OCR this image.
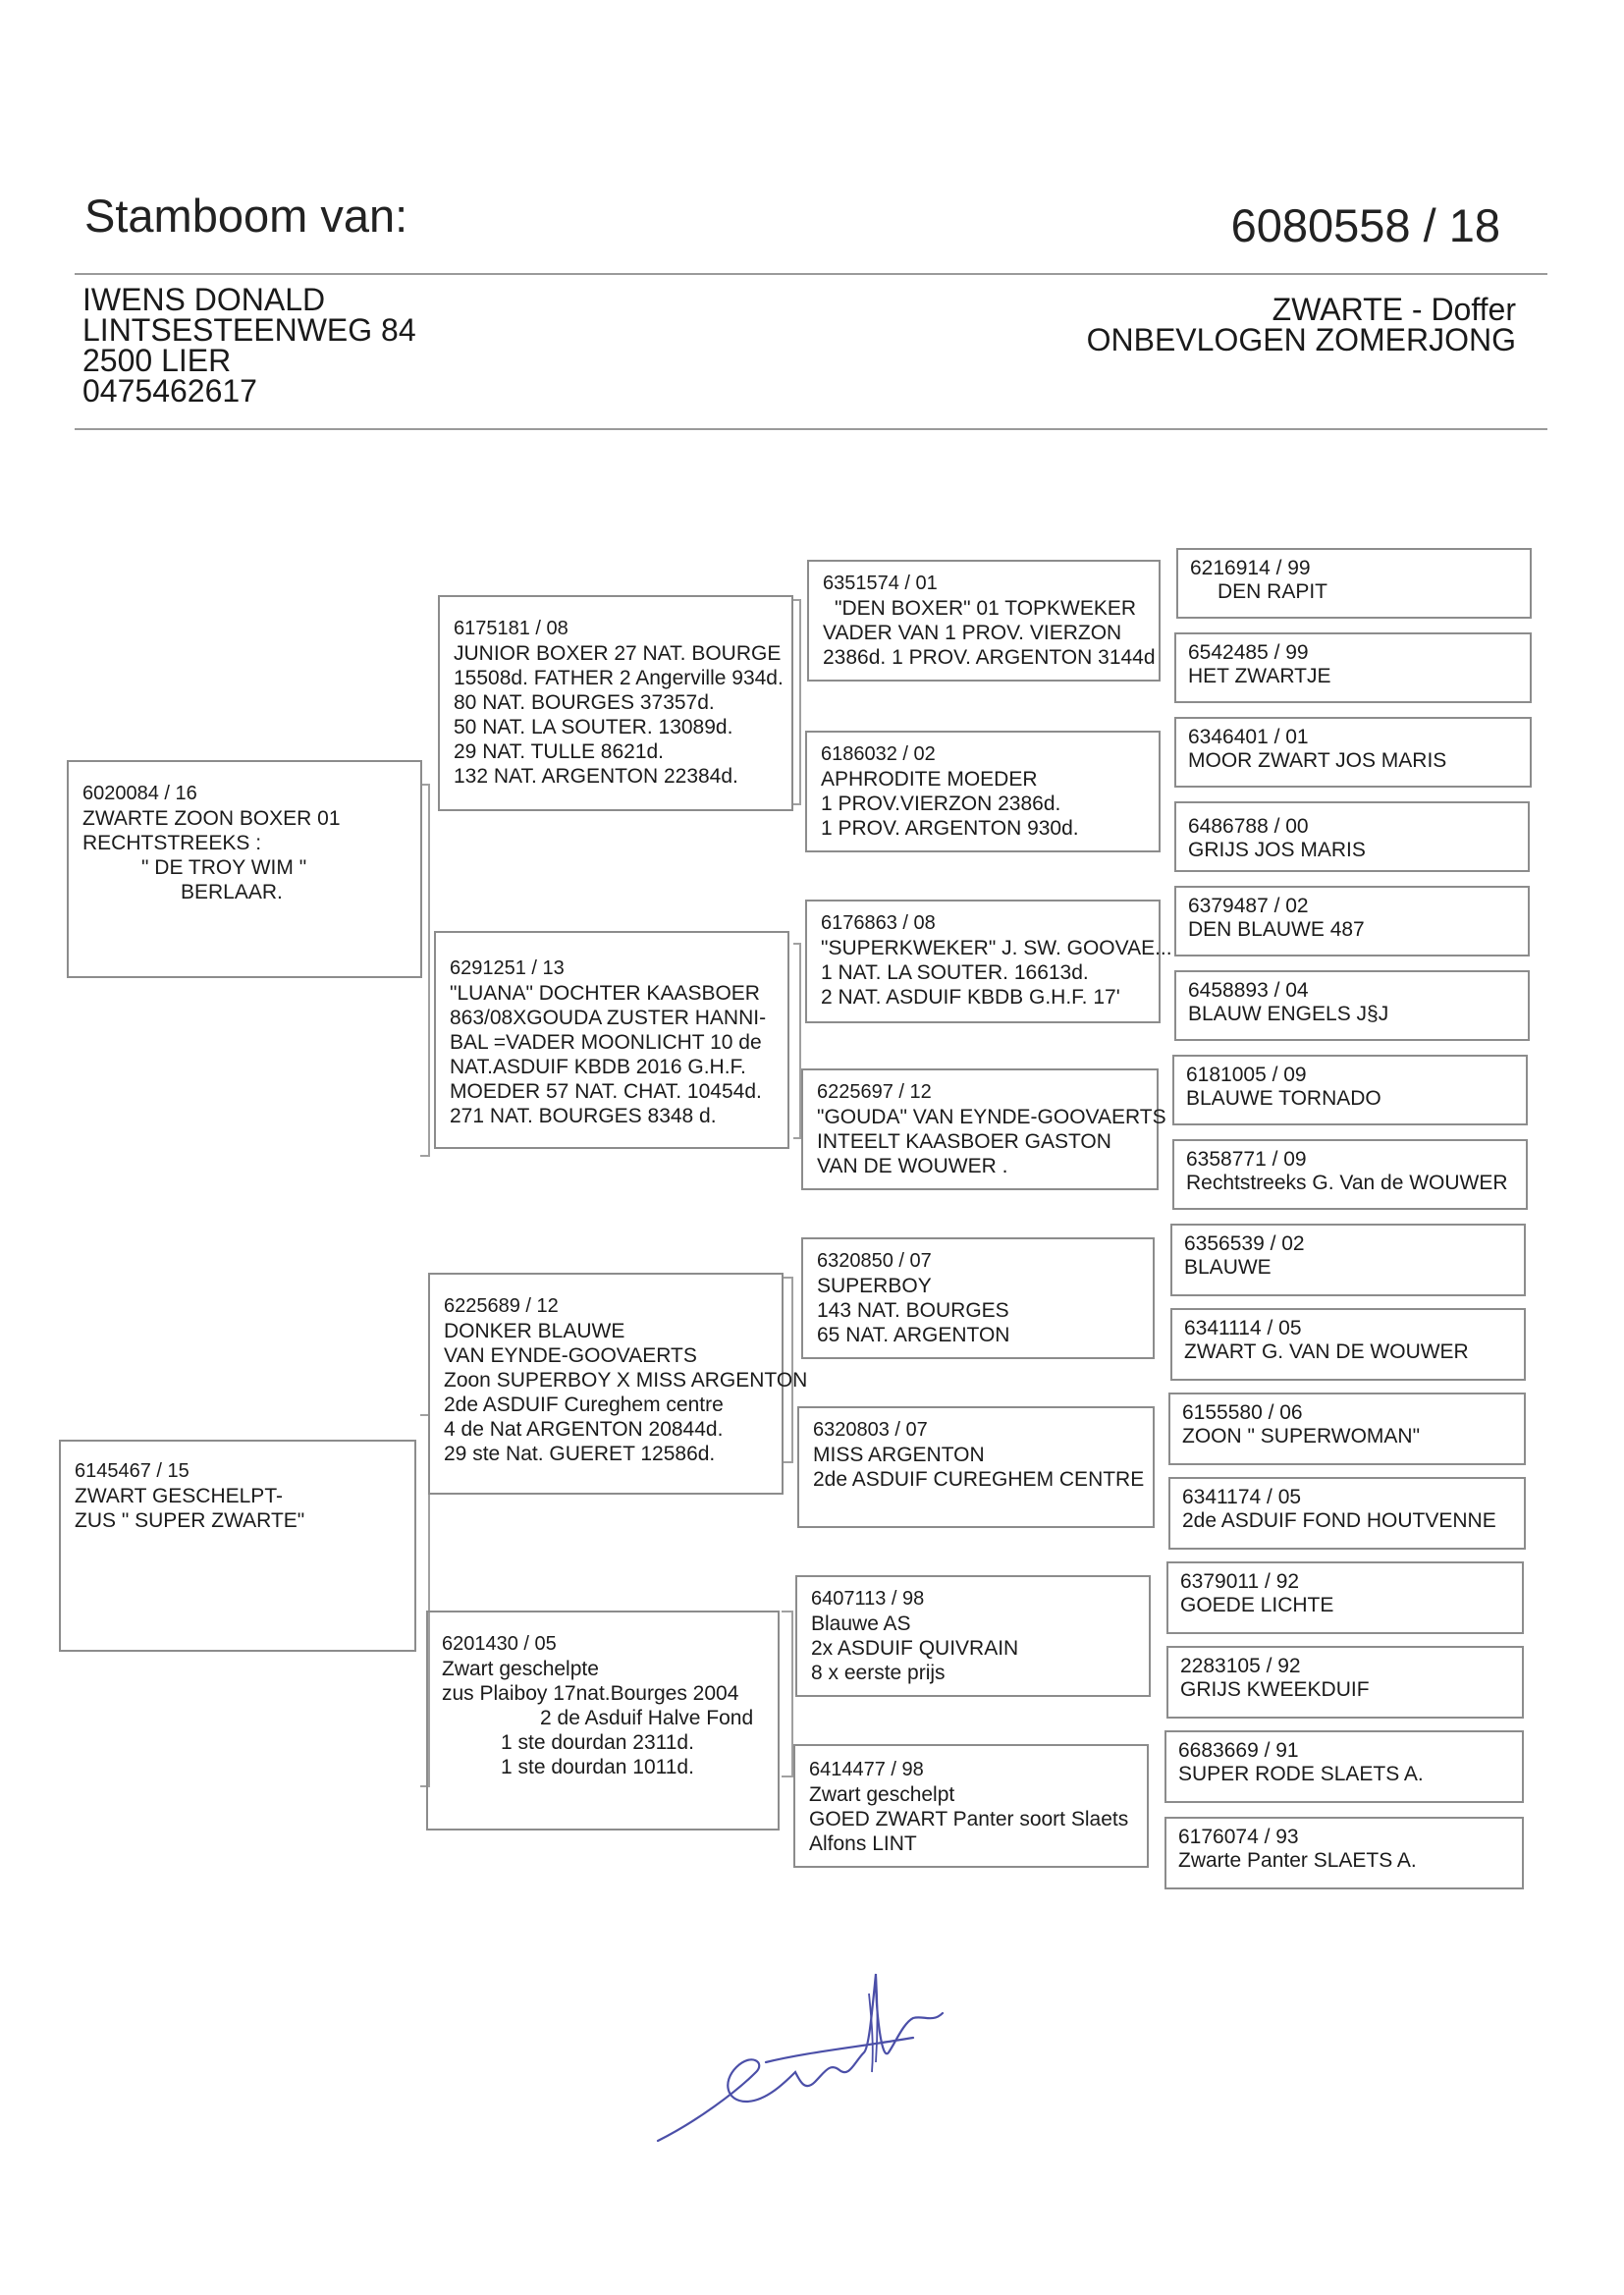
Stamboom van:	6080558 / 18
IWENS DONALD
LINTSESTEENWEG 84
2500 LIER
0475462617
ZWARTE - Doffer
ONBEVLOGEN ZOMERJONG
6020084 / 16
ZWARTE ZOON BOXER 01
RECHTSTREEKS :
" DE TROY WIM "
BERLAAR.
6145467 / 15
ZWART GESCHELPT-
ZUS " SUPER ZWARTE"
6175181 / 08
JUNIOR BOXER 27 NAT. BOURGE
15508d. FATHER 2 Angerville 934d.
80 NAT. BOURGES 37357d.
50 NAT. LA SOUTER. 13089d.
29 NAT. TULLE 8621d.
132 NAT. ARGENTON 22384d.
6291251 / 13
"LUANA" DOCHTER KAASBOER
863/08XGOUDA ZUSTER HANNI-
BAL =VADER MOONLICHT 10 de
NAT.ASDUIF KBDB 2016 G.H.F.
MOEDER 57 NAT. CHAT. 10454d.
271 NAT. BOURGES 8348 d.
6225689 / 12
DONKER BLAUWE
VAN EYNDE-GOOVAERTS
Zoon SUPERBOY X MISS ARGENTON
2de ASDUIF Cureghem centre
4 de Nat ARGENTON 20844d.
29 ste Nat. GUERET 12586d.
6201430 / 05
Zwart geschelpte
zus Plaiboy 17nat.Bourges 2004
2 de Asduif Halve Fond
1 ste dourdan 2311d.
1 ste dourdan 1011d.
6351574 / 01
"DEN BOXER" 01 TOPKWEKER
VADER VAN 1 PROV. VIERZON
2386d. 1 PROV. ARGENTON 3144d
6186032 / 02
APHRODITE MOEDER
1 PROV.VIERZON 2386d.
1 PROV. ARGENTON 930d.
6176863 / 08
"SUPERKWEKER" J. SW. GOOVAE...
1 NAT. LA SOUTER. 16613d.
2 NAT. ASDUIF KBDB G.H.F. 17'
6225697 / 12
"GOUDA" VAN EYNDE-GOOVAERTS
INTEELT KAASBOER GASTON
VAN DE WOUWER .
6320850 / 07
SUPERBOY
143 NAT. BOURGES
65 NAT. ARGENTON
6320803 / 07
MISS ARGENTON
2de ASDUIF CUREGHEM CENTRE
6407113 / 98
Blauwe AS
2x ASDUIF QUIVRAIN
8 x eerste prijs
6414477 / 98
Zwart geschelpt
GOED ZWART Panter soort Slaets
Alfons LINT
6216914 / 99
DEN RAPIT
6542485 / 99
HET ZWARTJE
6346401 / 01
MOOR ZWART JOS MARIS
6486788 / 00
GRIJS JOS MARIS
6379487 / 02
DEN BLAUWE 487
6458893 / 04
BLAUW ENGELS J§J
6181005 / 09
BLAUWE TORNADO
6358771 / 09
Rechtstreeks G. Van de WOUWER
6356539 / 02
BLAUWE
6341114 / 05
ZWART G. VAN DE WOUWER
6155580 / 06
ZOON " SUPERWOMAN"
6341174 / 05
2de ASDUIF FOND HOUTVENNE
6379011 / 92
GOEDE LICHTE
2283105 / 92
GRIJS KWEEKDUIF
6683669 / 91
SUPER RODE SLAETS A.
6176074 / 93
Zwarte Panter SLAETS A.
